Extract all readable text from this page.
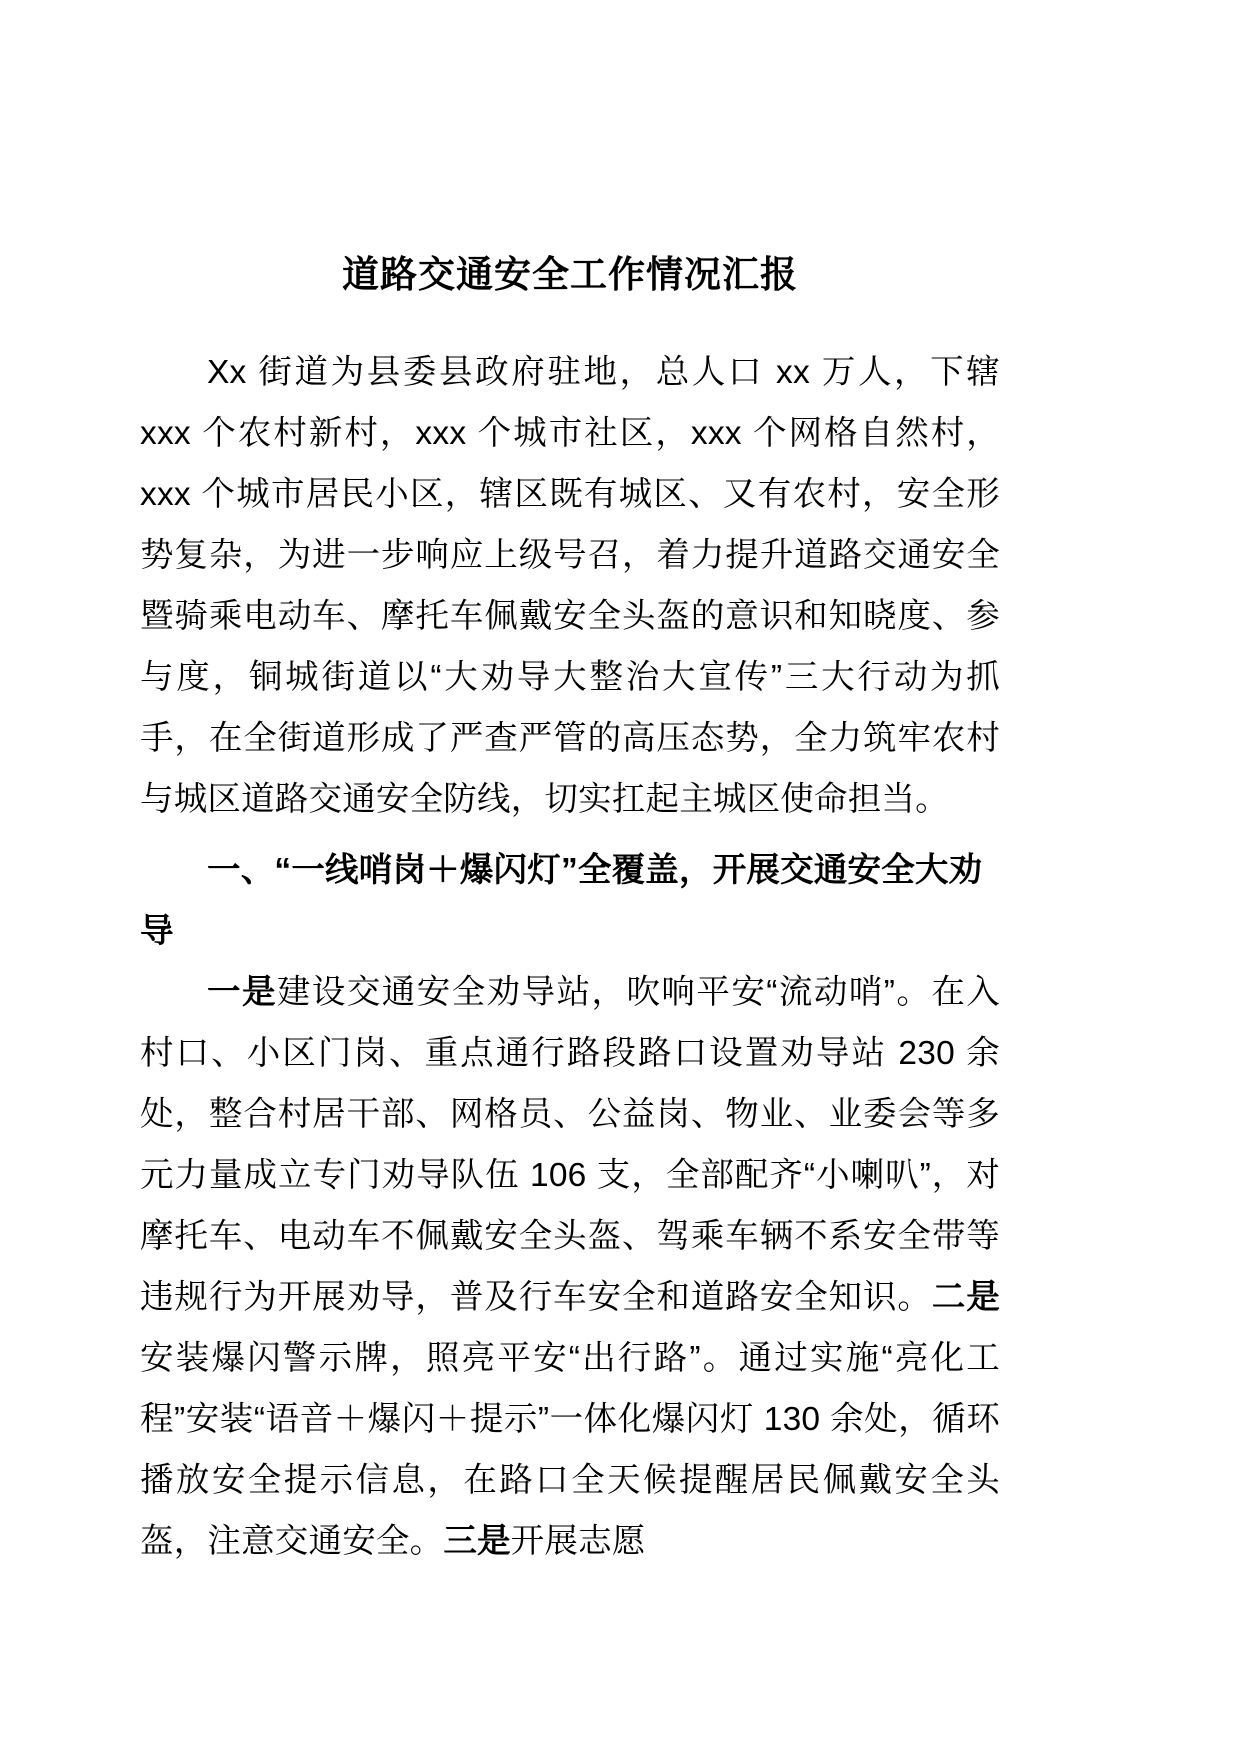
道路交通安全工作情况汇报

Xx 街道为县委县政府驻地，总人口 xx 万人，下辖 xxx 个农村新村，xxx 个城市社区，xxx 个网格自然村，xxx 个城市居民小区，辖区既有城区、又有农村，安全形势复杂，为进一步响应上级号召，着力提升道路交通安全暨骑乘电动车、摩托车佩戴安全头盔的意识和知晓度、参与度，铜城街道以“大劝导大整治大宣传”三大行动为抓手，在全街道形成了严查严管的高压态势，全力筑牢农村与城区道路交通安全防线，切实扛起主城区使命担当。

一、“一线哨岗＋爆闪灯”全覆盖，开展交通安全大劝导

一是建设交通安全劝导站，吹响平安“流动哨”。在入村口、小区门岗、重点通行路段路口设置劝导站 230 余处，整合村居干部、网格员、公益岗、物业、业委会等多元力量成立专门劝导队伍 106 支，全部配齐“小喇叭”，对摩托车、电动车不佩戴安全头盔、驾乘车辆不系安全带等违规行为开展劝导，普及行车安全和道路安全知识。二是安装爆闪警示牌，照亮平安“出行路”。通过实施“亮化工程”安装“语音＋爆闪＋提示”一体化爆闪灯 130 余处，循环播放安全提示信息，在路口全天候提醒居民佩戴安全头盔，注意交通安全。三是开展志愿
